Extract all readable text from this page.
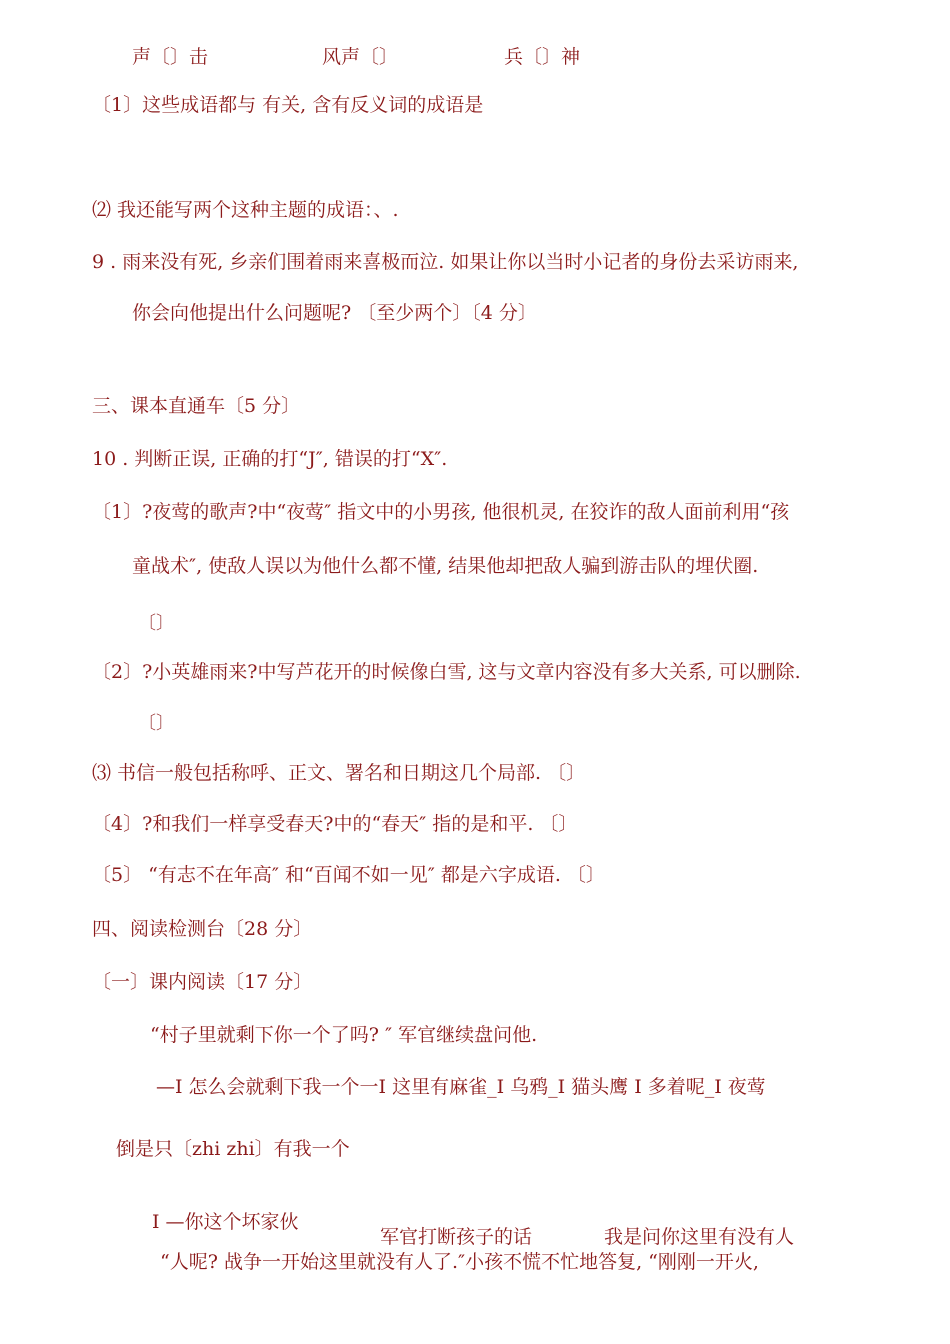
声〔〕击	风声〔〕	兵〔〕神
〔1〕这些成语都与 有关, 含有反义词的成语是
⑵ 我还能写两个这种主题的成语：、.
9 . 雨来没有死, 乡亲们围着雨来喜极而泣. 如果让你以当时小记者的身份去采访雨来,
你会向他提出什么问题呢? 〔至少两个〕〔4 分〕
三、课本直通车〔5 分〕
10 . 判断正误, 正确的打“J″, 错误的打“X″.
〔1〕?夜莺的歌声?中“夜莺″ 指文中的小男孩, 他很机灵, 在狡诈的敌人面前利用“孩
童战术″, 使敌人误以为他什么都不懂, 结果他却把敌人骗到游击队的埋伏圈.
〔〕
〔2〕?小英雄雨来?中写芦花开的时候像白雪, 这与文章内容没有多大关系, 可以删除.
〔〕
⑶ 书信一般包括称呼、正文、署名和日期这几个局部. 〔〕
〔4〕?和我们一样享受春天?中的“春天″ 指的是和平. 〔〕
〔5〕 “有志不在年高″ 和“百闻不如一见″ 都是六字成语. 〔〕
四、阅读检测台〔28 分〕
〔一〕课内阅读〔17 分〕
“村子里就剩下你一个了吗? ″ 军官继续盘问他.
—I 怎么会就剩下我一个一I 这里有麻雀_I 乌鸦_I 猫头鹰 I 多着呢_I 夜莺
倒是只〔zhi zhi〕有我一个
I —你这个坏家伙
军官打断孩子的话	我是问你这里有没有人
“人呢? 战争一开始这里就没有人了.″小孩不慌不忙地答复, “刚刚一开火,
